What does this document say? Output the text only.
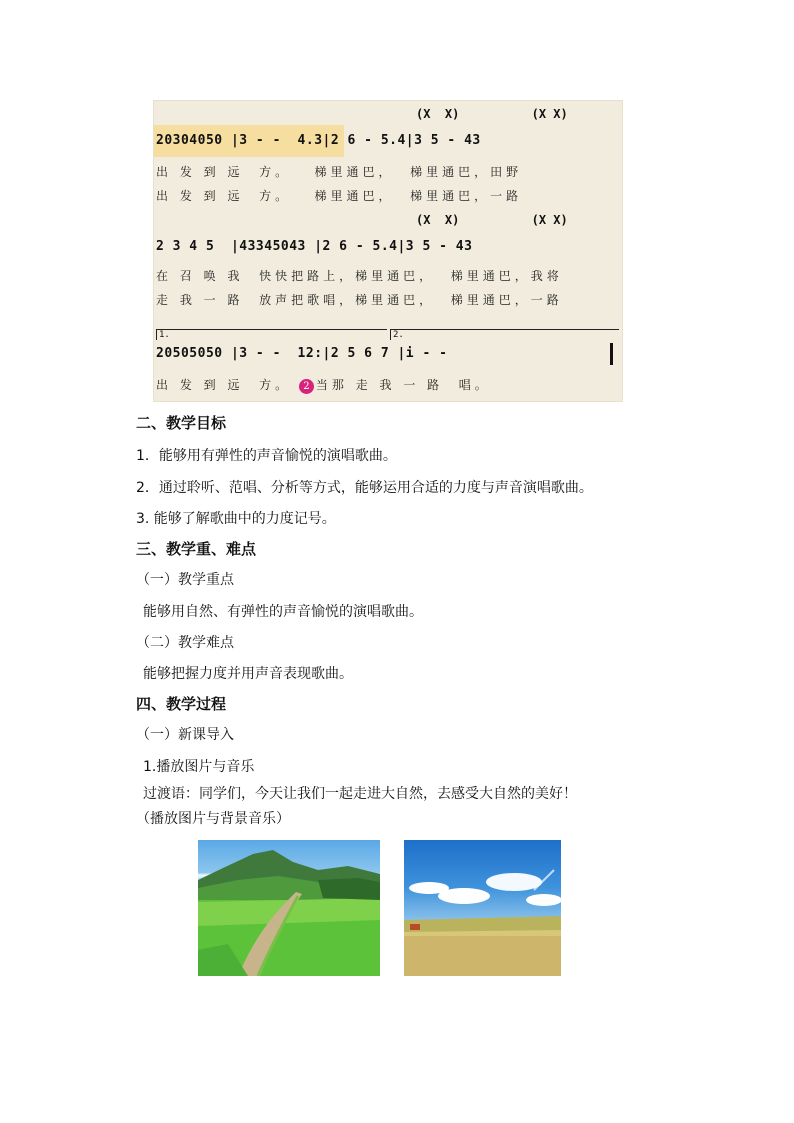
(X  X)          (X X)
20304050 |3 - -  4.3|2 6 - 5.4|3 5 - 43
出 发 到 远  方。   梯里通巴，  梯里通巴，田野
出 发 到 远  方。   梯里通巴，  梯里通巴，一路
(X  X)          (X X)
2 3 4 5  |43345043 |2 6 - 5.4|3 5 - 43
在 召 唤 我  快快把路上，梯里通巴，  梯里通巴，我将
走 我 一 路  放声把歌唱，梯里通巴，  梯里通巴，一路
1.	2.
20505050 |3 - -  12:|2 5 6 7 |i - -
出 发 到 远  方。 2 当那 走 我 一 路  唱。
二、教学目标
1．能够用有弹性的声音愉悦的演唱歌曲。
2．通过聆听、范唱、分析等方式，能够运用合适的力度与声音演唱歌曲。
3. 能够了解歌曲中的力度记号。
三、教学重、难点
（一）教学重点
能够用自然、有弹性的声音愉悦的演唱歌曲。
（二）教学难点
能够把握力度并用声音表现歌曲。
四、教学过程
（一）新课导入
1.播放图片与音乐
过渡语：同学们，今天让我们一起走进大自然，去感受大自然的美好！
（播放图片与背景音乐）
